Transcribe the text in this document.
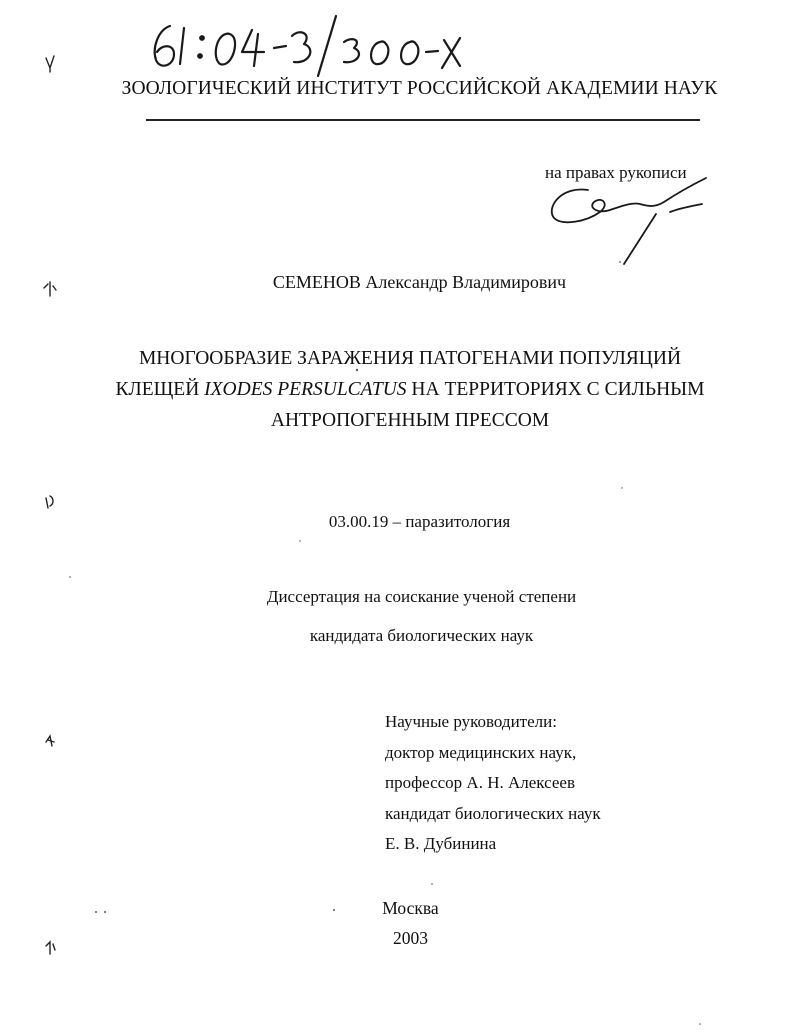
ЗООЛОГИЧЕСКИЙ ИНСТИТУТ РОССИЙСКОЙ АКАДЕМИИ НАУК
на правах рукописи
СЕМЕНОВ Александр Владимирович
МНОГООБРАЗИЕ ЗАРАЖЕНИЯ ПАТОГЕНАМИ ПОПУЛЯЦИЙ
КЛЕЩЕЙ IXODES PERSULCATUS НА ТЕРРИТОРИЯХ С СИЛЬНЫМ
АНТРОПОГЕННЫМ ПРЕССОМ
03.00.19 – паразитология
Диссертация на соискание ученой степени
кандидата биологических наук
Научные руководители:
доктор медицинских наук,
профессор А. Н. Алексеев
кандидат биологических наук
Е. В. Дубинина
Москва
2003
